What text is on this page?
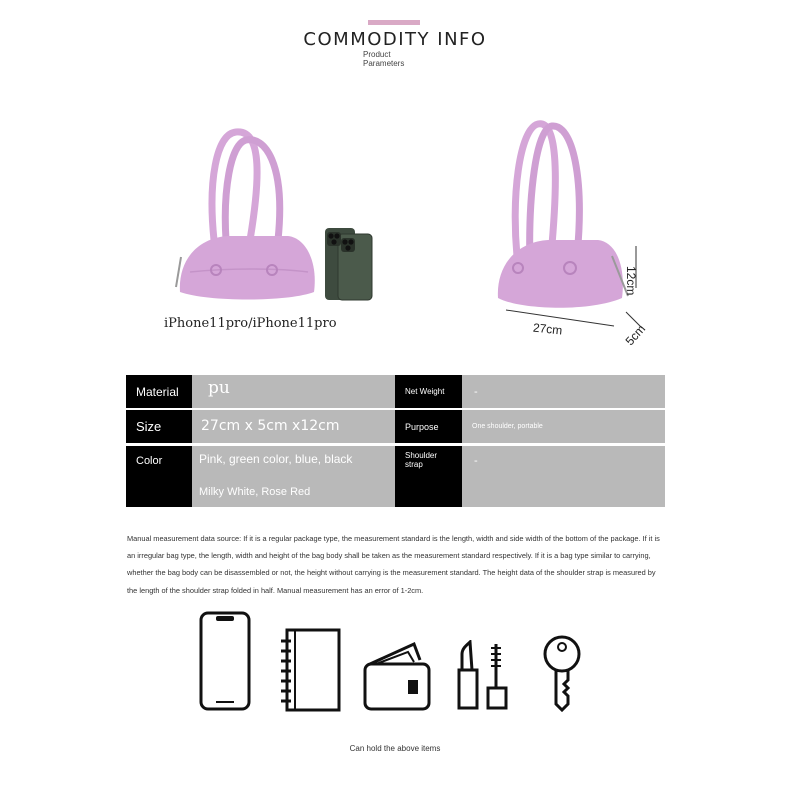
COMMODITY INFO
Product Parameters
iPhone11pro/iPhone11pro	27cm
12cm
5cm
Material	pu	Net Weight	-
Size	27cm x 5cm x12cm	Purpose	One shoulder, portable
Color	Pink, green color, blue, black
Milky White, Rose Red
Shoulder strap	-
Manual measurement data source: If it is a regular package type, the measurement standard is the length, width and side width of the bottom of the package. If it is an irregular bag type, the length, width and height of the bag body shall be taken as the measurement standard respectively. If it is a bag type similar to carrying, whether the bag body can be disassembled or not, the height without carrying is the measurement standard. The height data of the shoulder strap is measured by the length of the shoulder strap folded in half. Manual measurement has an error of 1-2cm.
Can hold the above items
